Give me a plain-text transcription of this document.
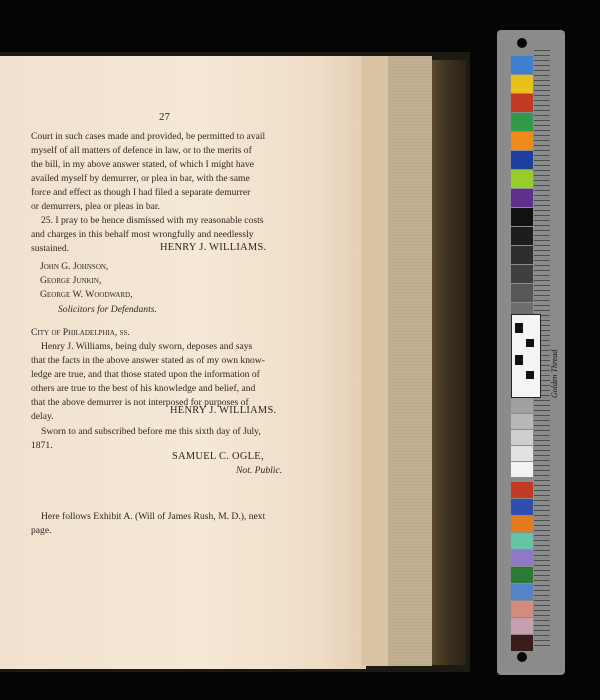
27
Court in such cases made and provided, be permitted to avail
myself of all matters of defence in law, or to the merits of
the bill, in my above answer stated, of which I might have
availed myself by demurrer, or plea in bar, with the same
force and effect as though I had filed a separate demurrer
or demurrers, plea or pleas in bar.
25. I pray to be hence dismissed with my reasonable costs
and charges in this behalf most wrongfully and needlessly
sustained.	HENRY J. WILLIAMS.
John G. Johnson,
George Junkin,
George W. Woodward,
Solicitors for Defendants.
City of Philadelphia, ss.
Henry J. Williams, being duly sworn, deposes and says
that the facts in the above answer stated as of my own know-
ledge are true, and that those stated upon the information of
others are true to the best of his knowledge and belief, and
that the above demurrer is not interposed for purposes of
delay.
HENRY J. WILLIAMS.
Sworn to and subscribed before me this sixth day of July,
1871.
SAMUEL C. OGLE,
Not. Public.
Here follows Exhibit A. (Will of James Rush, M. D.), next
page.
Golden Thread
